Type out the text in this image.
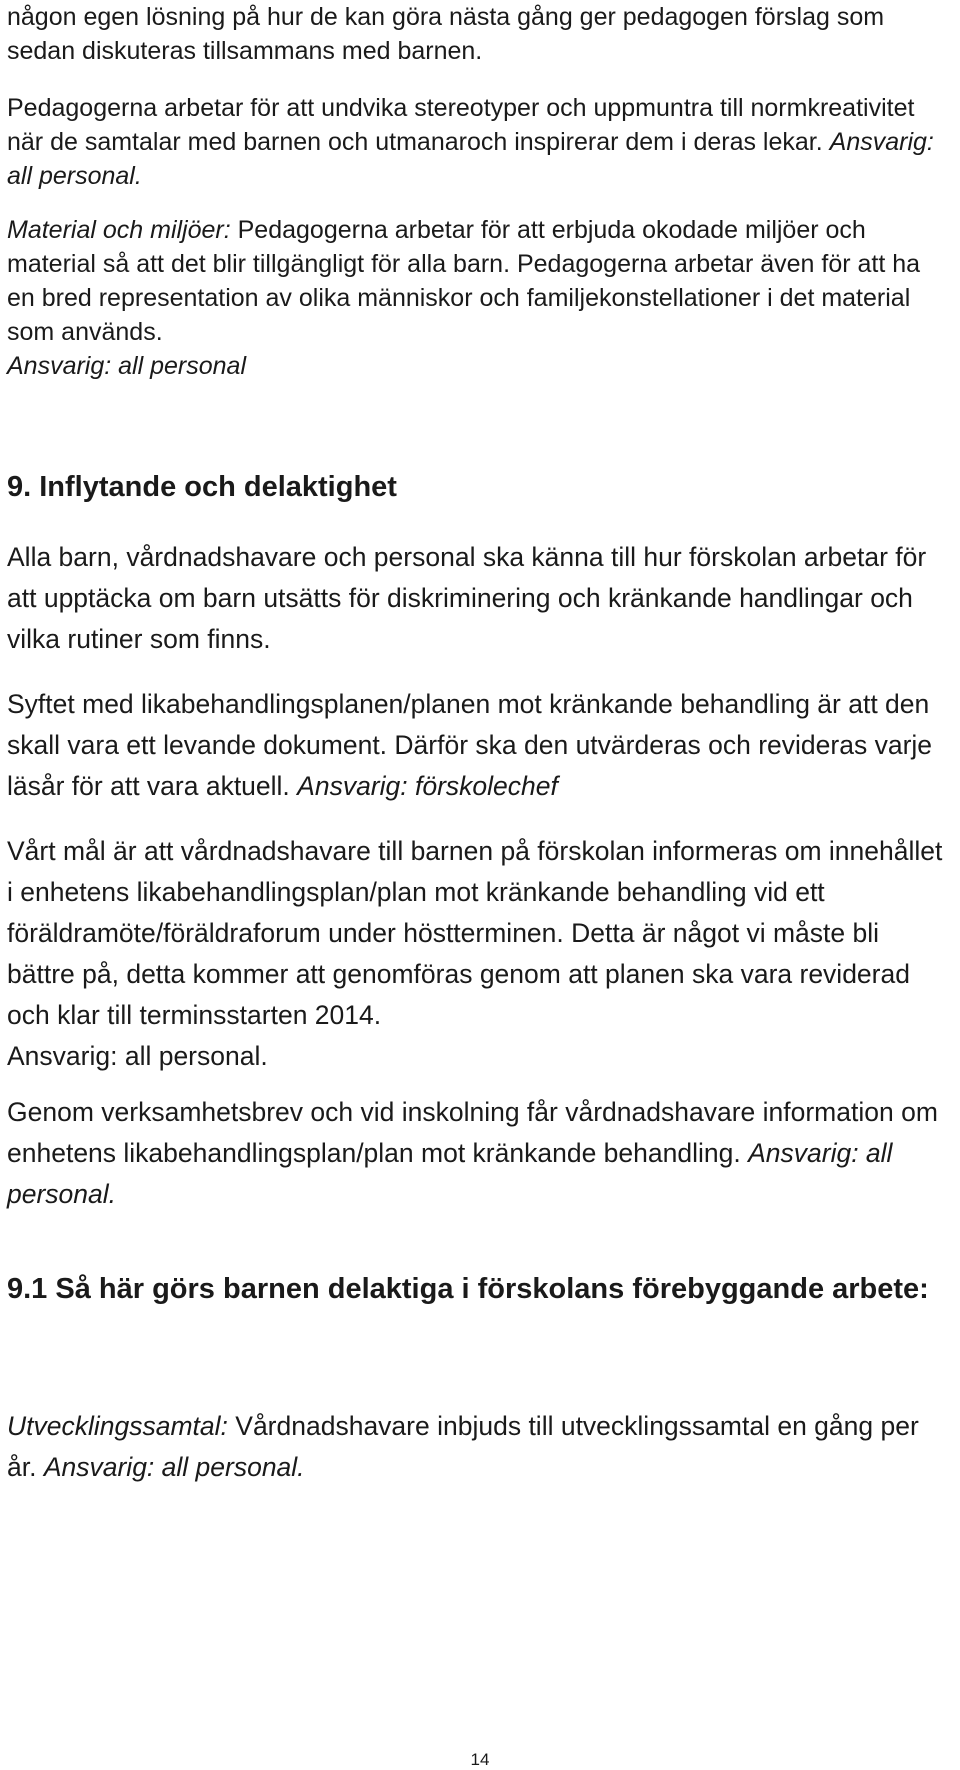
någon egen lösning på hur de kan göra nästa gång ger pedagogen förslag som sedan diskuteras tillsammans med barnen.

Pedagogerna arbetar för att undvika stereotyper och uppmuntra till normkreativitet när de samtalar med barnen och utmanaroch inspirerar dem i deras lekar. Ansvarig: all personal.

Material och miljöer: Pedagogerna arbetar för att erbjuda okodade miljöer och material så att det blir tillgängligt för alla barn. Pedagogerna arbetar även för att ha en bred representation av olika människor och familjekonstellationer i det material som används.
Ansvarig: all personal

9. Inflytande och delaktighet

Alla barn, vårdnadshavare och personal ska känna till hur förskolan arbetar för att upptäcka om barn utsätts för diskriminering och kränkande handlingar och vilka rutiner som finns.

Syftet med likabehandlingsplanen/planen mot kränkande behandling är att den skall vara ett levande dokument. Därför ska den utvärderas och revideras varje läsår för att vara aktuell. Ansvarig: förskolechef

Vårt mål är att vårdnadshavare till barnen på förskolan informeras om innehållet i enhetens likabehandlingsplan/plan mot kränkande behandling vid ett föräldramöte/föräldraforum under höstterminen. Detta är något vi måste bli bättre på, detta kommer att genomföras genom att planen ska vara reviderad och klar till terminsstarten 2014.
Ansvarig: all personal.

Genom verksamhetsbrev och vid inskolning får vårdnadshavare information om enhetens likabehandlingsplan/plan mot kränkande behandling. Ansvarig: all personal.

9.1 Så här görs barnen delaktiga i förskolans förebyggande arbete:

Utvecklingssamtal: Vårdnadshavare inbjuds till utvecklingssamtal en gång per år. Ansvarig: all personal.

14
